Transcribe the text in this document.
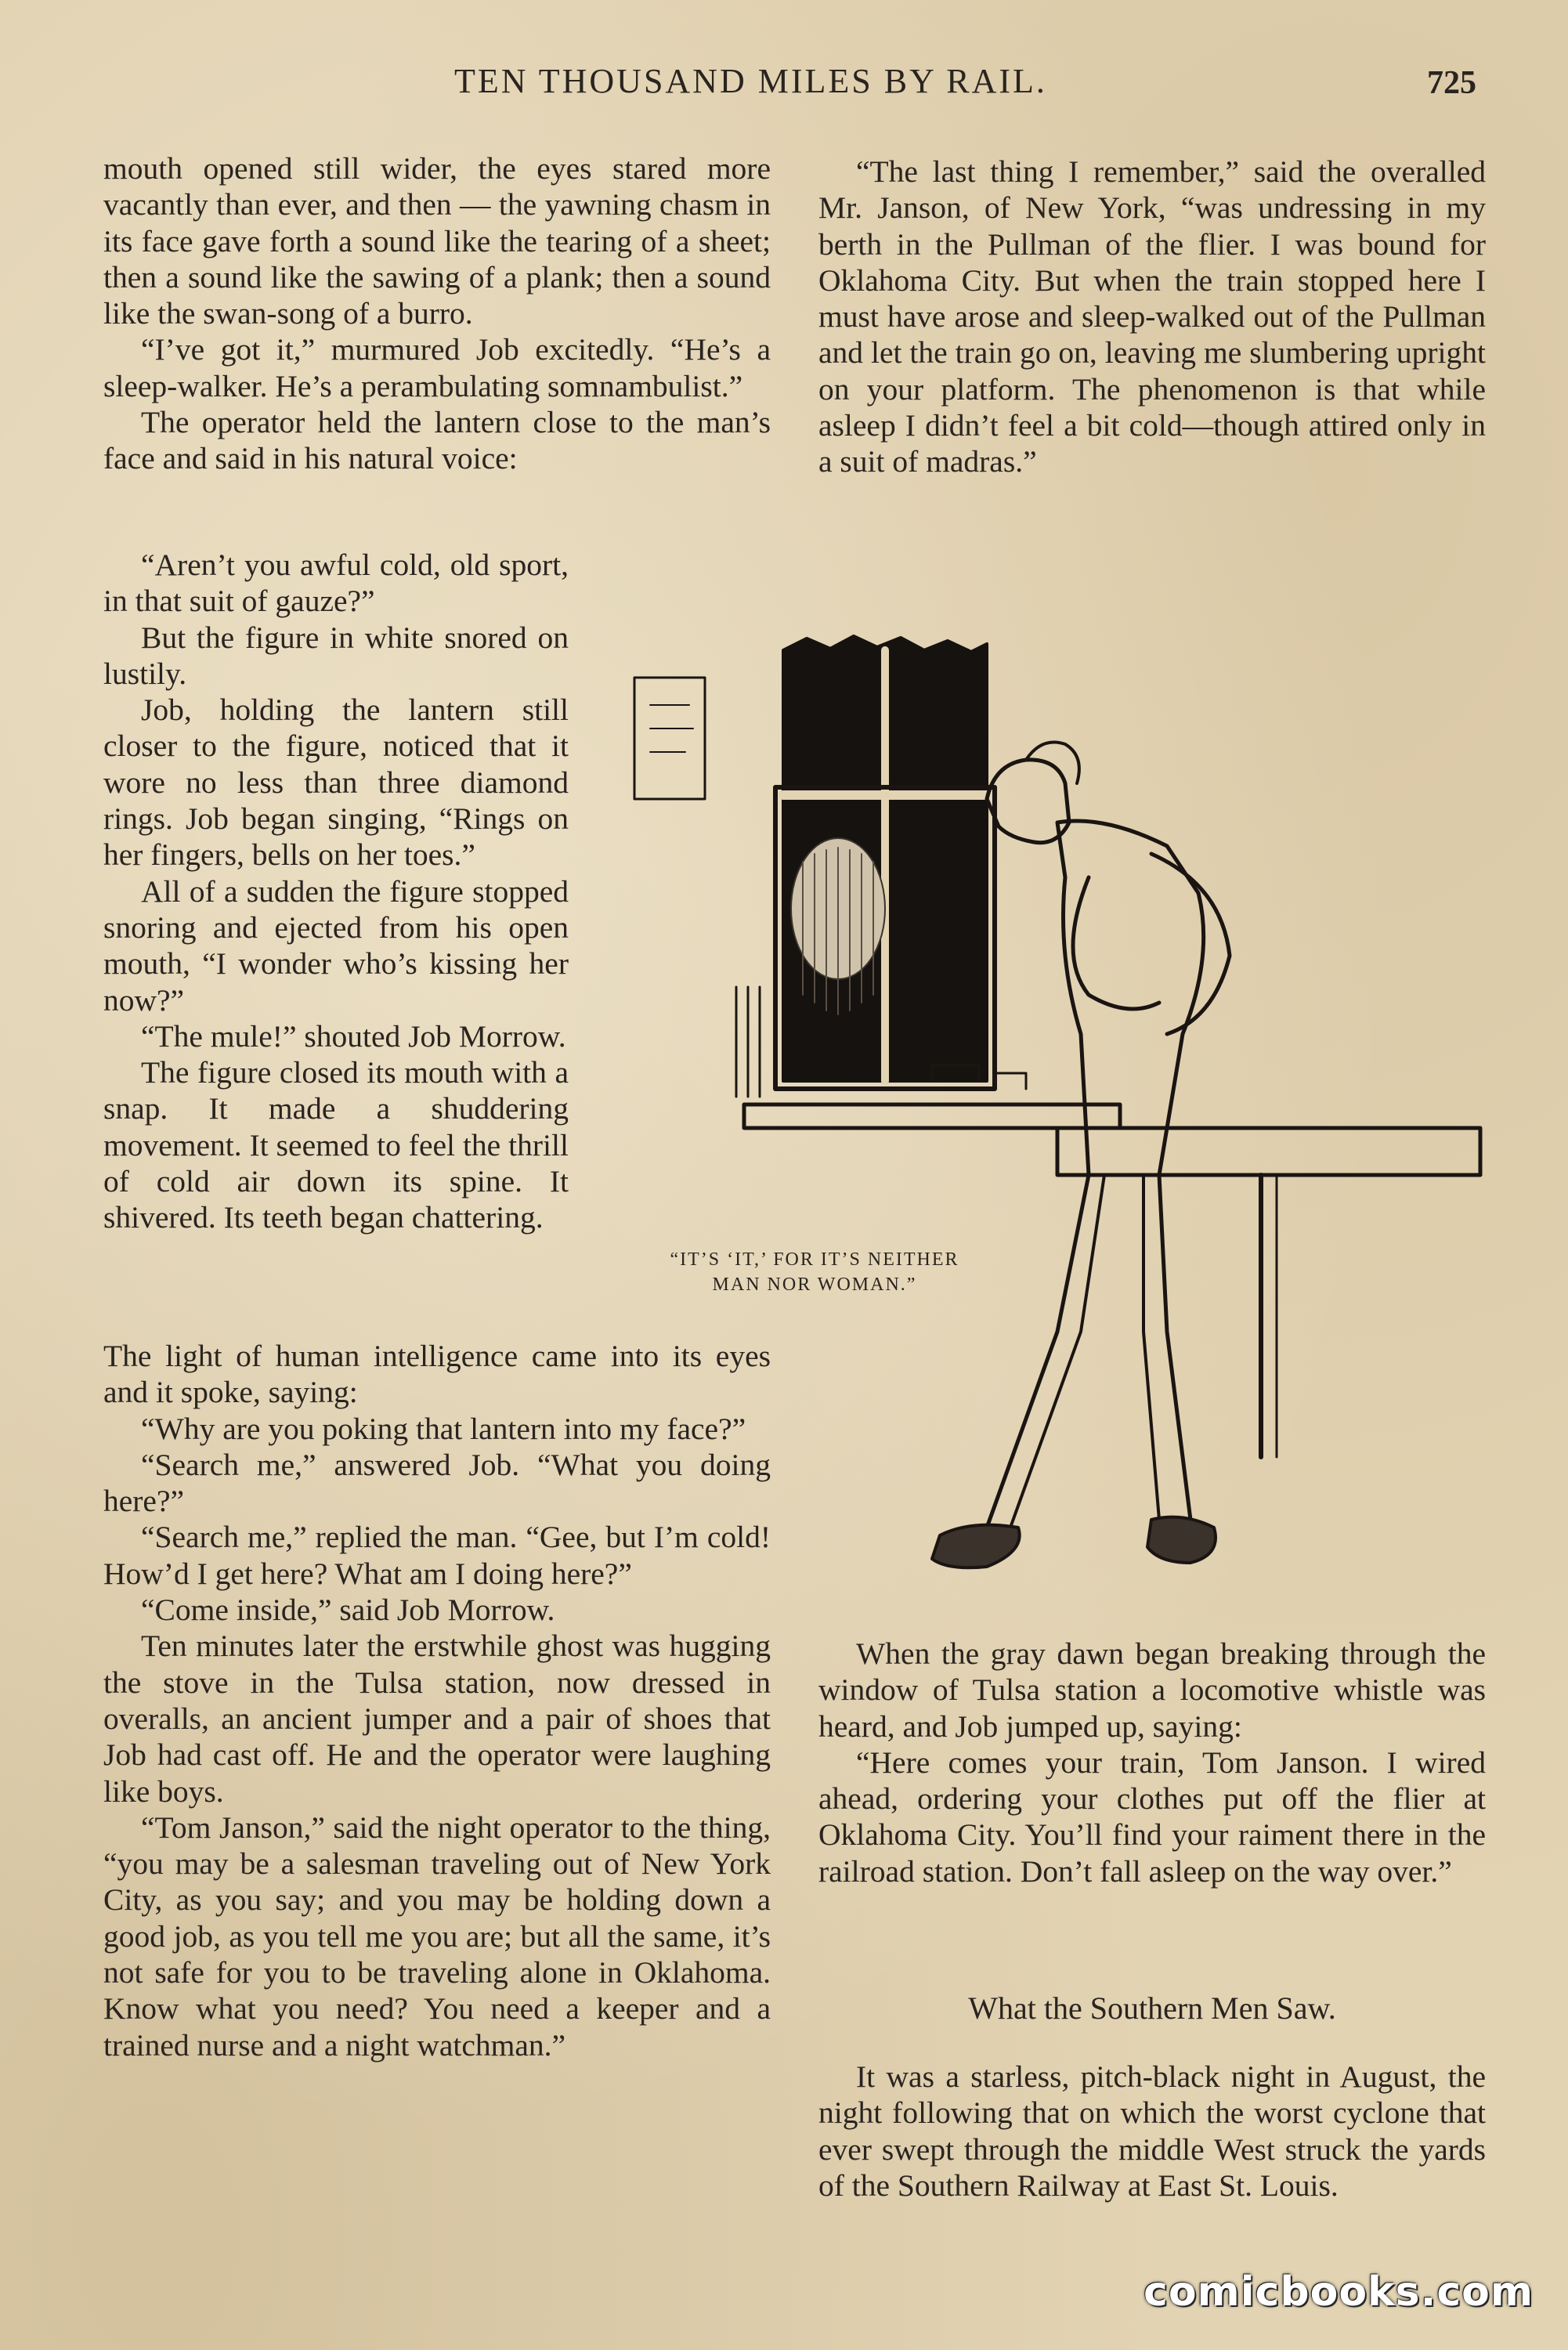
TEN THOUSAND MILES BY RAIL.	725

mouth opened still wider, the eyes stared more vacantly than ever, and then — the yawning chasm in its face gave forth a sound like the tearing of a sheet; then a sound like the sawing of a plank; then a sound like the swan-song of a burro.

“I’ve got it,” murmured Job excitedly. “He’s a sleep-walker. He’s a perambulating somnambulist.”

The operator held the lantern close to the man’s face and said in his natural voice:

“Aren’t you awful cold, old sport, in that suit of gauze?”

But the figure in white snored on lustily.

Job, holding the lantern still closer to the figure, noticed that it wore no less than three diamond rings. Job began singing, “Rings on her fingers, bells on her toes.”

All of a sudden the figure stopped snoring and ejected from his open mouth, “I wonder who’s kissing her now?”

“The mule!” shouted Job Morrow.

The figure closed its mouth with a snap. It made a shuddering movement. It seemed to feel the thrill of cold air down its spine. It shivered. Its teeth began chattering.

The light of human intelligence came into its eyes and it spoke, saying:

“Why are you poking that lantern into my face?”

“Search me,” answered Job. “What you doing here?”

“Search me,” replied the man. “Gee, but I’m cold! How’d I get here? What am I doing here?”

“Come inside,” said Job Morrow.

Ten minutes later the erstwhile ghost was hugging the stove in the Tulsa station, now dressed in overalls, an ancient jumper and a pair of shoes that Job had cast off. He and the operator were laughing like boys.

“Tom Janson,” said the night operator to the thing, “you may be a salesman traveling out of New York City, as you say; and you may be holding down a good job, as you tell me you are; but all the same, it’s not safe for you to be traveling alone in Oklahoma. Know what you need? You need a keeper and a trained nurse and a night watchman.”

“The last thing I remember,” said the overalled Mr. Janson, of New York, “was undressing in my berth in the Pullman of the flier. I was bound for Oklahoma City. But when the train stopped here I must have arose and sleep-walked out of the Pullman and let the train go on, leaving me slumbering upright on your platform. The phenomenon is that while asleep I didn’t feel a bit cold—though attired only in a suit of madras.”

“IT’S ‘IT,’ FOR IT’S NEITHER
MAN NOR WOMAN.”

When the gray dawn began breaking through the window of Tulsa station a locomotive whistle was heard, and Job jumped up, saying:

“Here comes your train, Tom Janson. I wired ahead, ordering your clothes put off the flier at Oklahoma City. You’ll find your raiment there in the railroad station. Don’t fall asleep on the way over.”

What the Southern Men Saw.

It was a starless, pitch-black night in August, the night following that on which the worst cyclone that ever swept through the middle West struck the yards of the Southern Railway at East St. Louis.

comicbooks.com
